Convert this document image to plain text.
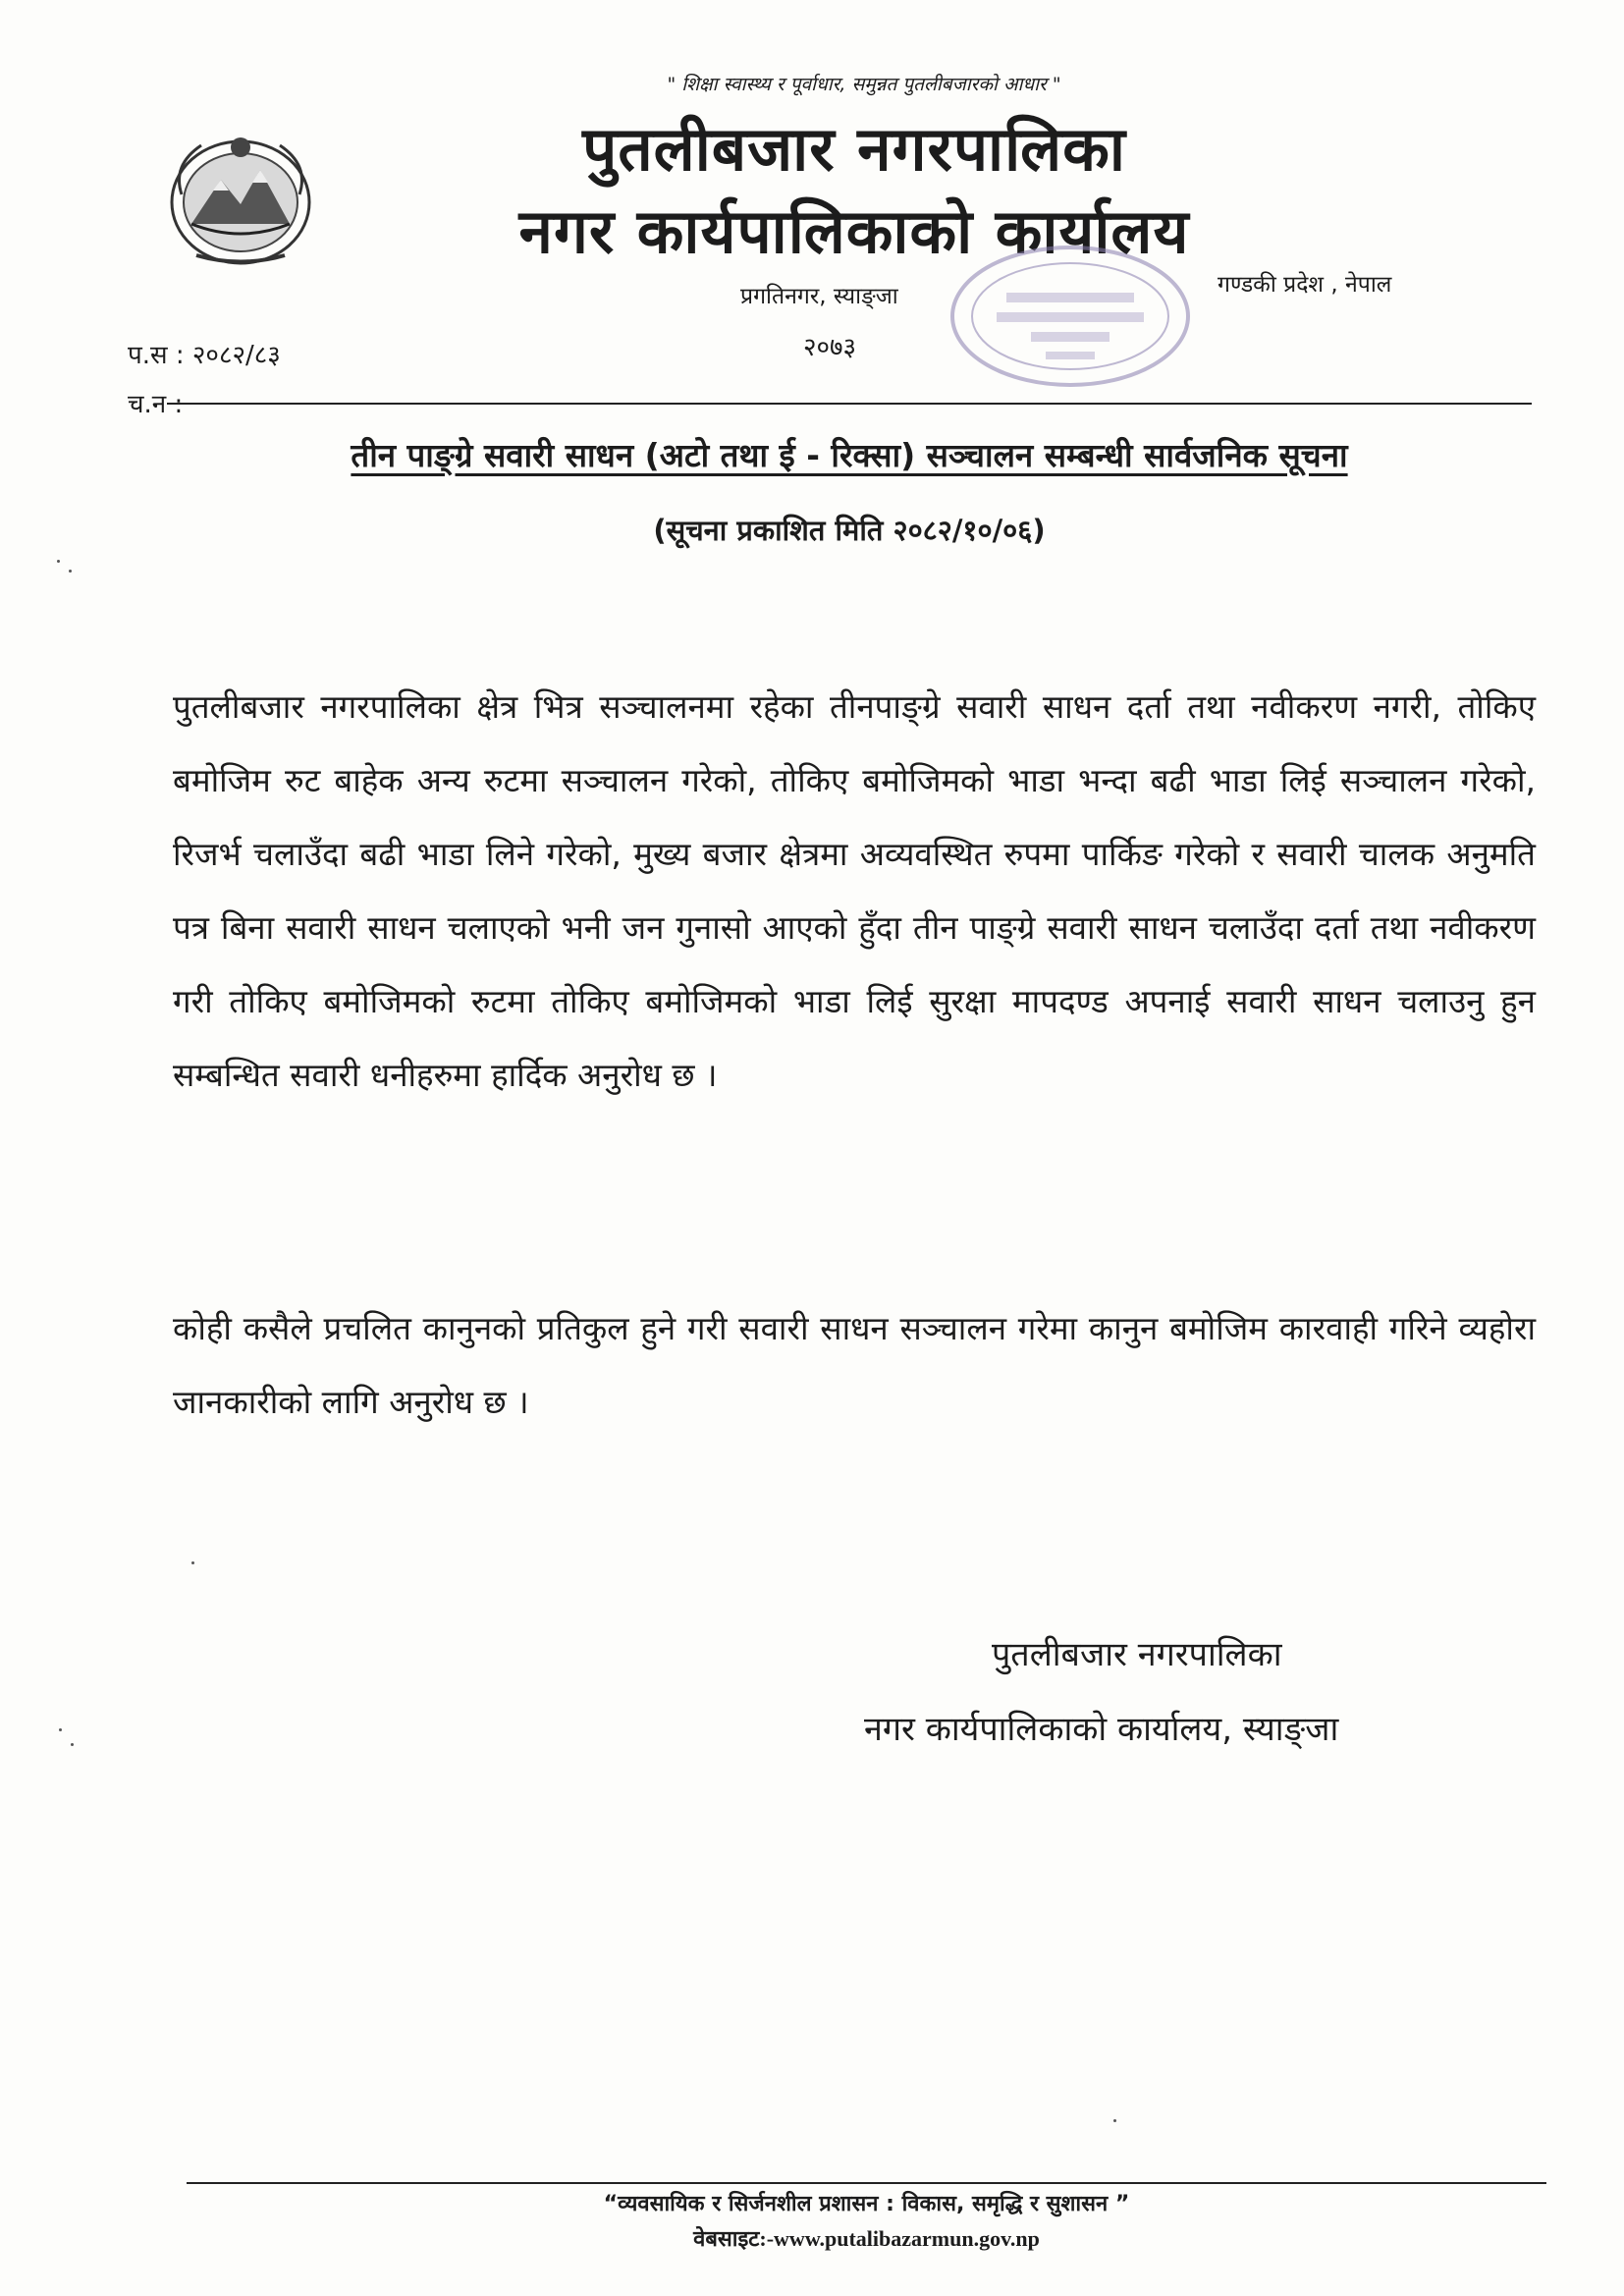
" शिक्षा स्वास्थ्य र पूर्वाधार, समुन्नत पुतलीबजारको आधार "
पुतलीबजार नगरपालिका
नगर कार्यपालिकाको कार्यालय
प्रगतिनगर, स्याङ्जा
२०७३
गण्डकी प्रदेश , नेपाल
प.स : २०८२/८३
च.न :
तीन पाङ्ग्रे सवारी साधन (अटो तथा ई - रिक्सा) सञ्चालन सम्बन्धी सार्वजनिक सूचना
(सूचना प्रकाशित मिति २०८२/१०/०६)
पुतलीबजार नगरपालिका क्षेत्र भित्र सञ्चालनमा रहेका तीनपाङ्ग्रे सवारी साधन दर्ता तथा नवीकरण नगरी, तोकिए बमोजिम रुट बाहेक अन्य रुटमा सञ्चालन गरेको, तोकिए बमोजिमको भाडा भन्दा बढी भाडा लिई सञ्चालन गरेको, रिजर्भ चलाउँदा बढी भाडा लिने गरेको, मुख्य बजार क्षेत्रमा अव्यवस्थित रुपमा पार्किङ गरेको र सवारी चालक अनुमति पत्र बिना सवारी साधन चलाएको भनी जन गुनासो आएको हुँदा तीन पाङ्ग्रे सवारी साधन चलाउँदा दर्ता तथा नवीकरण गरी तोकिए बमोजिमको रुटमा तोकिए बमोजिमको भाडा लिई सुरक्षा मापदण्ड अपनाई सवारी साधन चलाउनु हुन सम्बन्धित सवारी धनीहरुमा हार्दिक अनुरोध छ ।
कोही कसैले प्रचलित कानुनको प्रतिकुल हुने गरी सवारी साधन सञ्चालन गरेमा कानुन बमोजिम कारवाही गरिने व्यहोरा जानकारीको लागि अनुरोध छ ।
पुतलीबजार नगरपालिका
नगर कार्यपालिकाको कार्यालय, स्याङ्जा
“व्यवसायिक र सिर्जनशील प्रशासन : विकास, समृद्धि र सुशासन ”
वेबसाइट:-www.putalibazarmun.gov.np
